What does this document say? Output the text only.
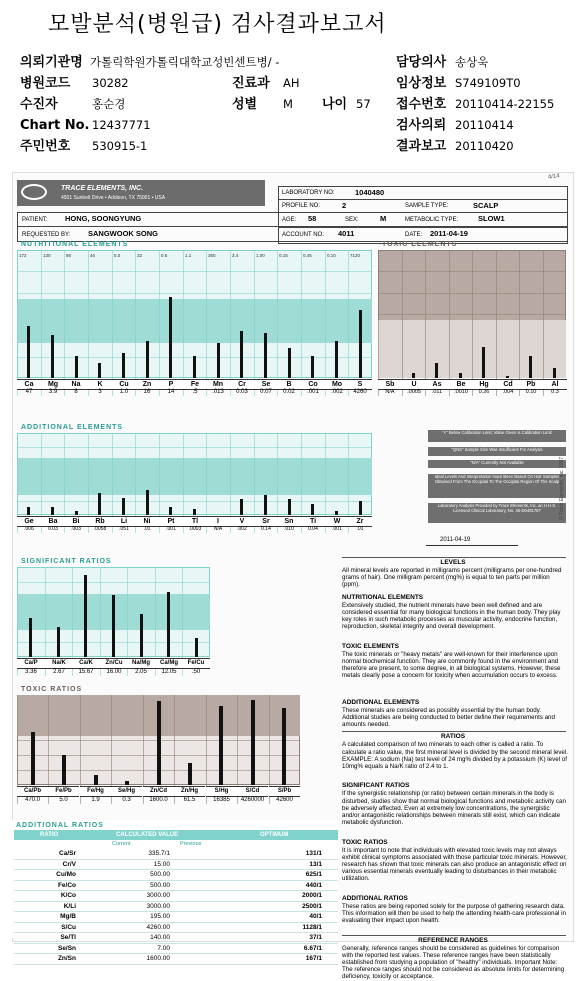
모발분석(병원급) 검사결과보고서
의뢰기관명 가톨릭학원가톨릭대학교성빈센트병/ -	담당의사 송상욱
병원코드 30282	진료과 AH	임상정보 S749109T0
수진자	홍순경	성별 M 나이 57 접수번호 20110414-22155
Chart No. 12437771	검사의뢰 20110414
주민번호 530915-1	결과보고 20110420
TRACE ELEMENTS, INC.
4501 Sunbelt Drive • Addison, TX 75001 • USA
4/14
LABORATORY NO:	1040480
PROFILE NO:	2	SAMPLE TYPE:	SCALP
PATIENT: HONG, SOONGYUNG	AGE: 58	SEX:	M	METABOLIC TYPE:	SLOW1
REQUESTED BY: SANGWOOK SONG	ACCOUNT NO: 4011	DATE: 2011-04-19
NUTRITIONAL ELEMENTS
172
Ca
47
130
Mg
3.9
88
Na
8
46
K
3
5.0
Cu
1.0
32
Zn
16
0.6
P
14
1.1
Fe
.5
360
Mn
.013
3.4
Cr
0.03
1.00
Se
0.07
0.15
B
0.02
0.45
Co
.001
0.10
Mo
.002
7120
S
4260
TOXIC ELEMENTS
Sb
N/A
U
.0005
As
.011
Be
.0010
Hg
0.26
Cd
.004
Pb
0.10
Al
0.3
ADDITIONAL ELEMENTS
Ge
.006
Ba
0.03
Bi
.003
Rb
.0058
Li
.051
Ni
.01
Pt
.001
Tl
.0003
I
N/A
V
.002
Sr
0.14
Sn
.010
Ti
0.04
W
.001
Zr
.01
SIGNIFICANT RATIOS
Ca/P
3.36
Na/K
2.67
Ca/K
15.67
Zn/Cu
16.00
Na/Mg
2.05
Ca/Mg
12.05
Fe/Cu
.50
TOXIC RATIOS
Ca/Pb
470.0
Fe/Pb
5.0
Fe/Hg
1.9
Se/Hg
0.3
Zn/Cd
1600.0
Zn/Hg
61.5
S/Hg
16385
S/Cd
4260000
S/Pb
42600
"<" Below Calibration Limit; Value Given is Calibration Limit
"QNS" Sample Size Was Insufficient For Analysis
"N/A" Currently Not Available
Ideal Levels And Interpretation Have Been Based On Hair Samples Obtained From The Occipital To The Occipital Region Of The Scalp
Laboratory Analysis Provided by Trace Elements, Inc. an H.H.S. Licensed Clinical Laboratory, No. 45-D0481787
2011-04-19
© Trace Elements, Inc. 1997
ADDITIONAL RATIOS
RATIO	CALCULATED VALUE	OPTIMUM
Current	Previous
Ca/Sr	335.7/1		131/1
Cr/V	15.00		13/1
Cu/Mo	500.00		625/1
Fe/Co	500.00		440/1
K/Co	3000.00		2000/1
K/Li	3000.00		2500/1
Mg/B	195.00		40/1
S/Cu	4260.00		1128/1
Se/Tl	140.00		37/1
Se/Sn	7.00		6.67/1
Zn/Sn	1600.00		167/1
LEVELS
All mineral levels are reported in milligrams percent (milligrams per one-hundred grams of hair). One milligram percent (mg%) is equal to ten parts per million (ppm).
NUTRITIONAL ELEMENTS
Extensively studied, the nutrient minerals have been well defined and are considered essential for many biological functions in the human body. They play key roles in such metabolic processes as muscular activity, endocrine function, reproduction, skeletal integrity and overall development.
TOXIC ELEMENTS
The toxic minerals or "heavy metals" are well-known for their interference upon normal biochemical function. They are commonly found in the environment and therefore are present, to some degree, in all biological systems. However, these metals clearly pose a concern for toxicity when accumulation occurs to excess.
ADDITIONAL ELEMENTS
These minerals are considered as possibly essential by the human body. Additional studies are being conducted to better define their requirements and amounts needed.
RATIOS
A calculated comparison of two minerals to each other is called a ratio. To calculate a ratio value, the first mineral level is divided by the second mineral level. EXAMPLE: A sodium (Na) test level of 24 mg% divided by a potassium (K) level of 10mg% equals a Na/K ratio of 2.4 to 1.
SIGNIFICANT RATIOS
If the synergistic relationship (or ratio) between certain minerals in the body is disturbed, studies show that normal biological functions and metabolic activity can be adversely affected. Even at extremely low concentrations, the synergistic and/or antagonistic relationships between minerals still exist, which can indicate metabolic dysfunction.
TOXIC RATIOS
It is important to note that individuals with elevated toxic levels may not always exhibit clinical symptoms associated with those particular toxic minerals. However, research has shown that toxic minerals can also produce an antagonistic effect on various essential minerals eventually leading to disturbances in their metabolic utilization.
ADDITIONAL RATIOS
These ratios are being reported solely for the purpose of gathering research data. This information will then be used to help the attending health-care professional in evaluating their impact upon health.
REFERENCE RANGES
Generally, reference ranges should be considered as guidelines for comparison with the reported test values. These reference ranges have been statistically established from studying a population of "healthy" individuals. Important Note: The reference ranges should not be considered as absolute limits for determining deficiency, toxicity or acceptance.
